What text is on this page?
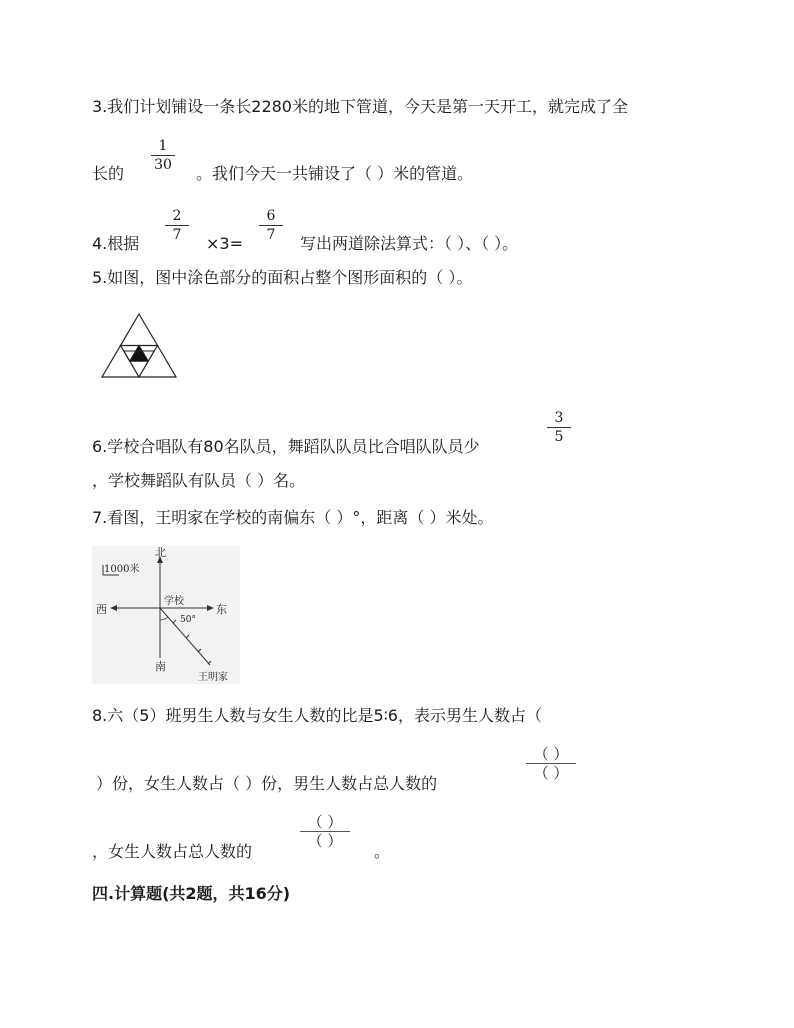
3.我们计划铺设一条长2280米的地下管道，今天是第一天开工，就完成了全
长的
1
30 。我们今天一共铺设了（ ）米的管道。
4.根据
2
7	×3=
6
7	写出两道除法算式：（ ）、（ ）。
5.如图，图中涂色部分的面积占整个图形面积的（ ）。
6.学校合唱队有80名队员，舞蹈队队员比合唱队队员少
3
5
，学校舞蹈队有队员（ ）名。
7.看图，王明家在学校的南偏东（ ）°，距离（ ）米处。
1000米
北
南
东
西
学校
50°
王明家
8.六（5）班男生人数与女生人数的比是5∶6，表示男生人数占（
）份，女生人数占（ ）份，男生人数占总人数的
（ ）
（ ）
，女生人数占总人数的
（ ）
（ ）
。
四.计算题(共2题，共16分)
